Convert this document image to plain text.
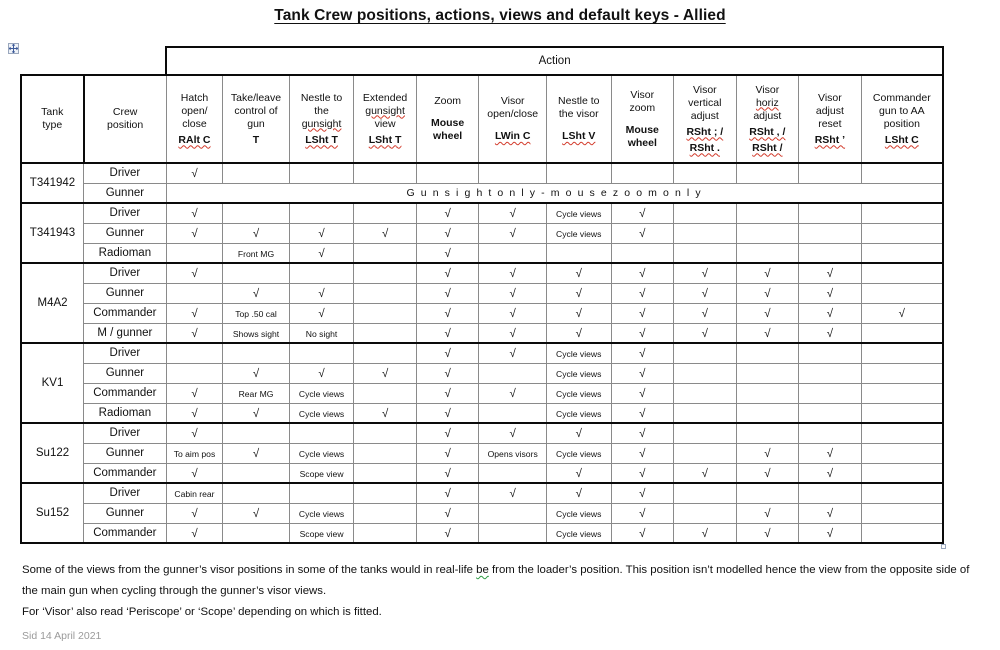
Tank Crew positions, actions, views and default keys - Allied
		Action											

Tank
type	Crew
position	Hatch
open/
close
RAlt C	Take/leave
control of
gun
T	Nestle to
the
gunsight
LSht T	Extended
gunsight
view
LSht T	Zoom
Mouse
wheel	Visor
open/close
LWin C	Nestle to
the visor
LSht V	Visor
zoom
Mouse
wheel	Visor
vertical
adjust
RSht ; /
RSht .	Visor
horiz
adjust
RSht , /
RSht /	Visor
adjust
reset
RSht ’	Commander
gun to AA
position
LSht C

T341942	Driver	√											
	Gunner	G u n s i g h t o n l y - m o u s e z o o m o n l y											
T341943	Driver	√				√	√	Cycle views	√				
	Gunner	√	√	√	√	√	√	Cycle views	√				
	Radioman		Front MG	√		√							
M4A2	Driver	√				√	√	√	√	√	√	√	
	Gunner		√	√		√	√	√	√	√	√	√	
	Commander	√	Top .50 cal	√		√	√	√	√	√	√	√	√
	M / gunner	√	Shows sight	No sight		√	√	√	√	√	√	√	
KV1	Driver					√	√	Cycle views	√				
	Gunner		√	√	√	√		Cycle views	√				
	Commander	√	Rear MG	Cycle views		√	√	Cycle views	√				
	Radioman	√	√	Cycle views	√	√		Cycle views	√				
Su122	Driver	√				√	√	√	√				
	Gunner	To aim pos	√	Cycle views		√	Opens visors	Cycle views	√		√	√	
	Commander	√		Scope view		√		√	√	√	√	√	
Su152	Driver	Cabin rear				√	√	√	√				
	Gunner	√	√	Cycle views		√		Cycle views	√		√	√	
	Commander	√		Scope view		√		Cycle views	√	√	√	√	
Some of the views from the gunner’s visor positions in some of the tanks would in real-life be from the loader’s position. This position isn’t modelled hence the view from the opposite side of the main gun when cycling through the gunner’s visor views.
For ‘Visor’ also read ‘Periscope’ or ‘Scope’ depending on which is fitted.
Sid 14 April 2021
